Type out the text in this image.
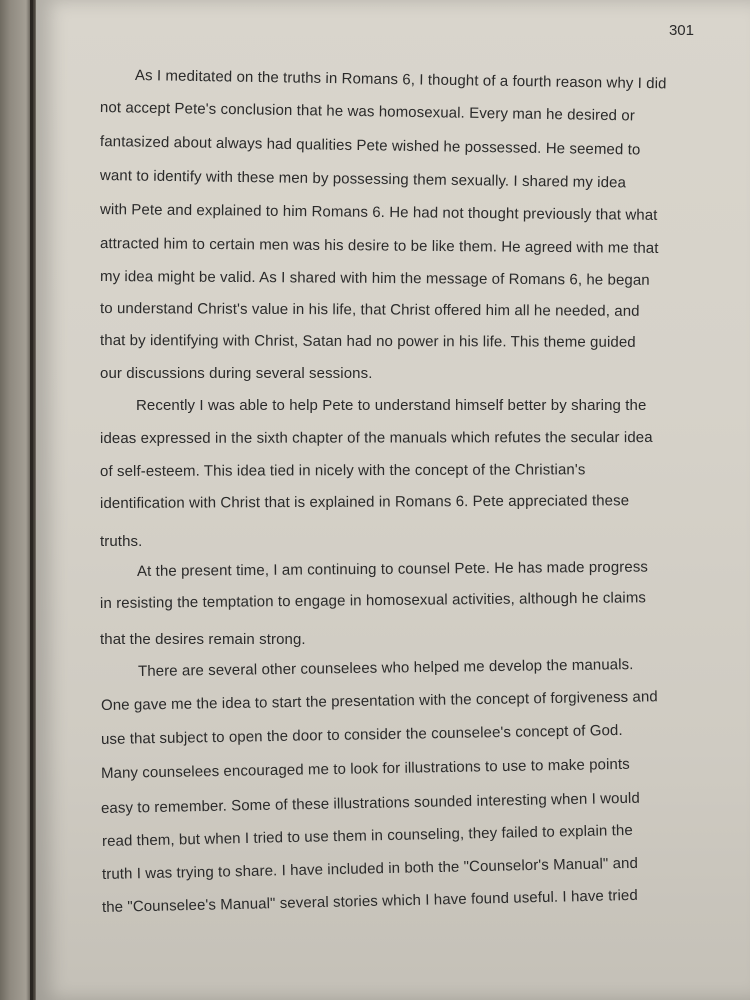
301
As I meditated on the truths in Romans 6, I thought of a fourth reason why I did
not accept Pete's conclusion that he was homosexual. Every man he desired or
fantasized about always had qualities Pete wished he possessed. He seemed to
want to identify with these men by possessing them sexually. I shared my idea
with Pete and explained to him Romans 6. He had not thought previously that what
attracted him to certain men was his desire to be like them. He agreed with me that
my idea might be valid. As I shared with him the message of Romans 6, he began
to understand Christ's value in his life, that Christ offered him all he needed, and
that by identifying with Christ, Satan had no power in his life. This theme guided
our discussions during several sessions.
Recently I was able to help Pete to understand himself better by sharing the
ideas expressed in the sixth chapter of the manuals which refutes the secular idea
of self-esteem. This idea tied in nicely with the concept of the Christian's
identification with Christ that is explained in Romans 6. Pete appreciated these
truths.
At the present time, I am continuing to counsel Pete. He has made progress
in resisting the temptation to engage in homosexual activities, although he claims
that the desires remain strong.
There are several other counselees who helped me develop the manuals.
One gave me the idea to start the presentation with the concept of forgiveness and
use that subject to open the door to consider the counselee's concept of God.
Many counselees encouraged me to look for illustrations to use to make points
easy to remember. Some of these illustrations sounded interesting when I would
read them, but when I tried to use them in counseling, they failed to explain the
truth I was trying to share. I have included in both the "Counselor's Manual" and
the "Counselee's Manual" several stories which I have found useful. I have tried
